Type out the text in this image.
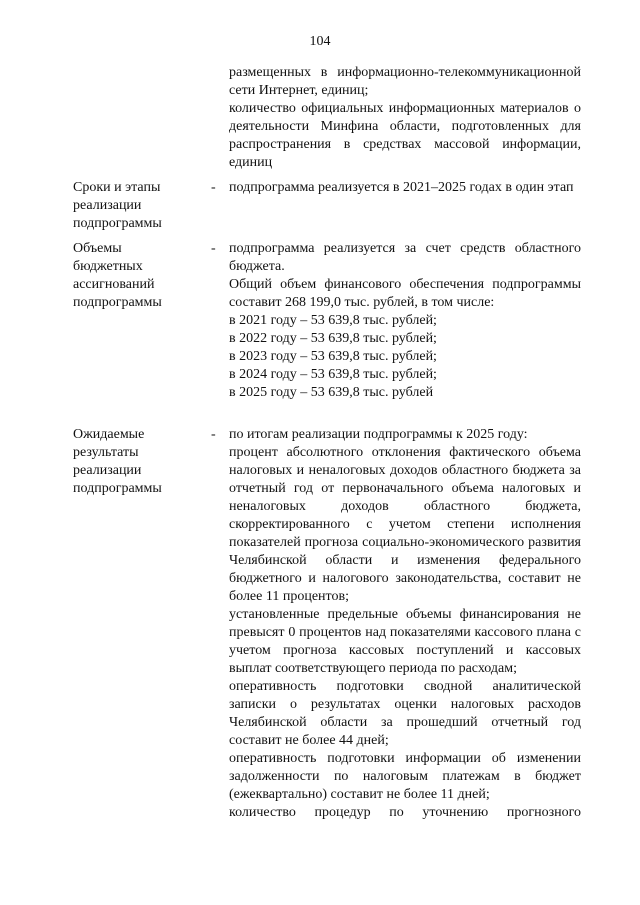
104

размещенных в информационно-телекоммуникационной сети Интернет, единиц;

количество официальных информационных материалов о деятельности Минфина области, подготовленных для распространения в средствах массовой информации, единиц

Сроки и этапы
реализации
подпрограммы
- подпрограмма реализуется в 2021–2025 годах в один этап

Объемы
бюджетных
ассигнований
подпрограммы
- подпрограмма реализуется за счет средств областного бюджета.

Общий объем финансового обеспечения подпрограммы составит 268 199,0 тыс. рублей, в том числе:

в 2021 году – 53 639,8 тыс. рублей;

в 2022 году – 53 639,8 тыс. рублей;

в 2023 году – 53 639,8 тыс. рублей;

в 2024 году – 53 639,8 тыс. рублей;

в 2025 году – 53 639,8 тыс. рублей

Ожидаемые
результаты
реализации
подпрограммы
- по итогам реализации подпрограммы к 2025 году:

процент абсолютного отклонения фактического объема налоговых и неналоговых доходов областного бюджета за отчетный год от первоначального объема налоговых и неналоговых доходов областного бюджета, скорректированного с учетом степени исполнения показателей прогноза социально-экономического развития Челябинской области и изменения федерального бюджетного и налогового законодательства, составит не более 11 процентов;

установленные предельные объемы финансирования не превысят 0 процентов над показателями кассового плана с учетом прогноза кассовых поступлений и кассовых выплат соответствующего периода по расходам;

оперативность подготовки сводной аналитической записки о результатах оценки налоговых расходов Челябинской области за прошедший отчетный год составит не более 44 дней;

оперативность подготовки информации об изменении задолженности по налоговым платежам в бюджет (ежеквартально) составит не более 11 дней;

количество процедур по уточнению прогнозного
